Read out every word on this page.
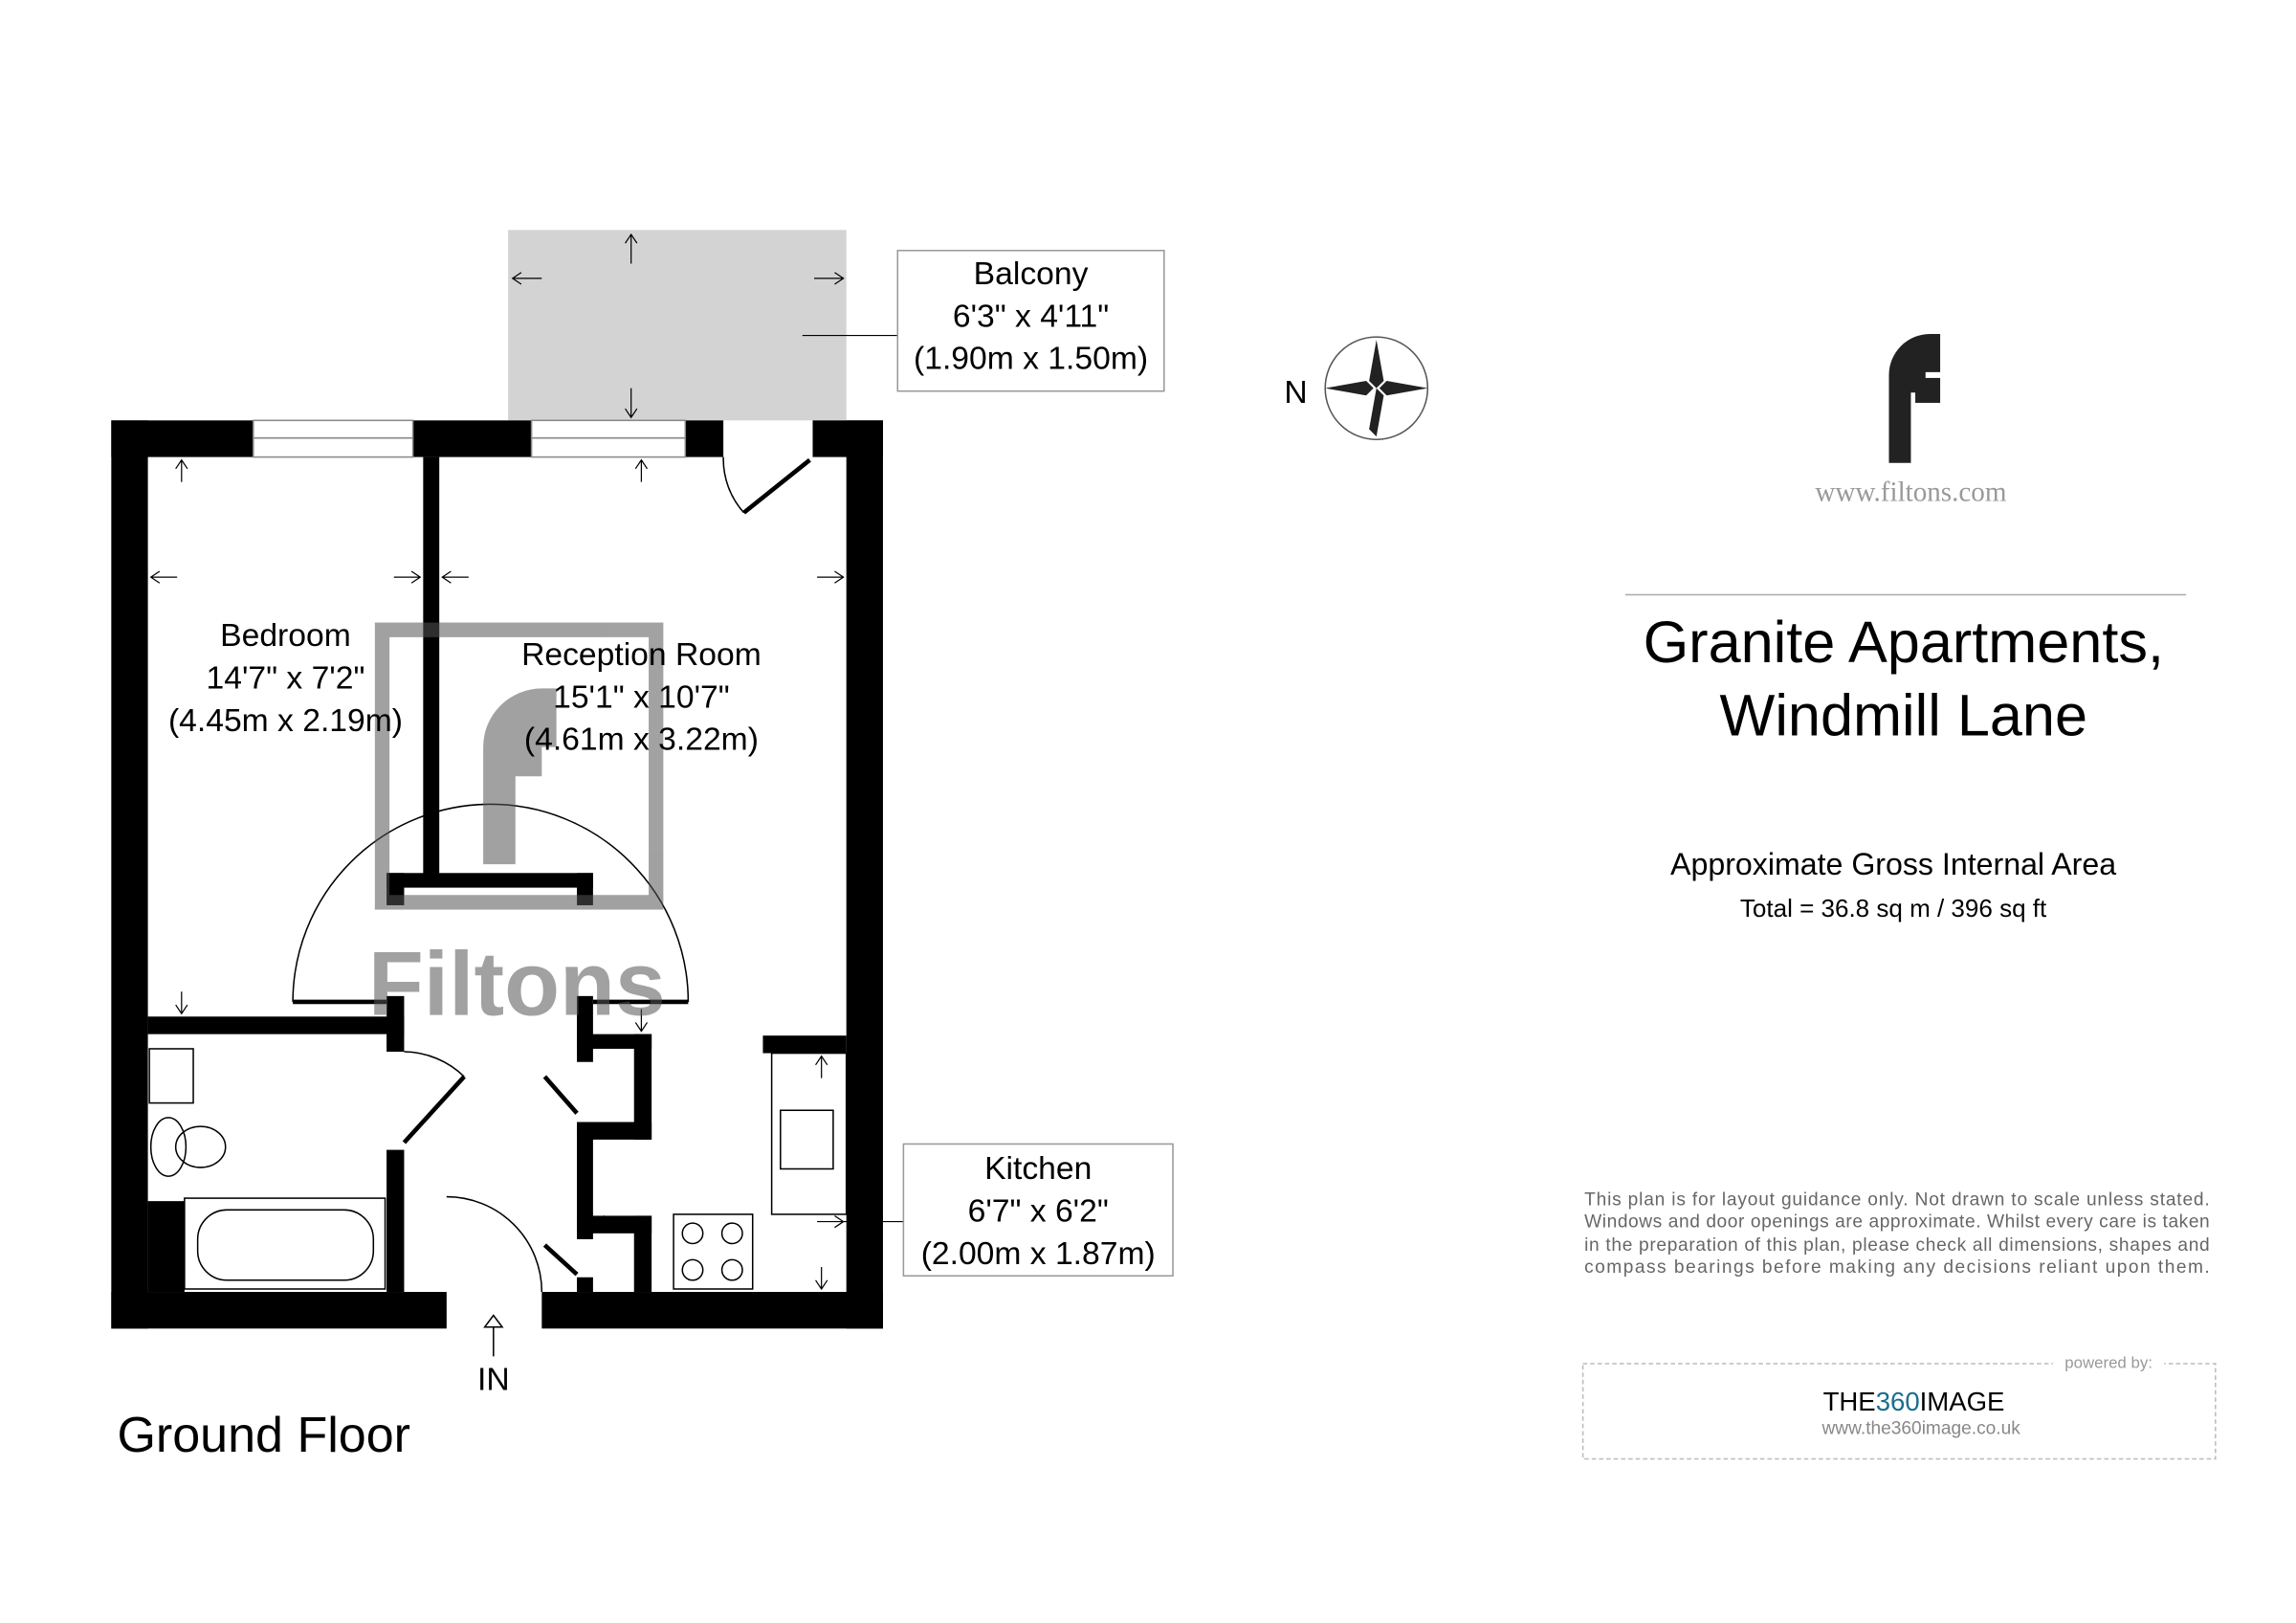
Filtons
Bedroom
14'7" x 7'2"
(4.45m x 2.19m)
Reception Room
15'1" x 10'7"
(4.61m x 3.22m)
Balcony
6'3" x 4'11"
(1.90m x 1.50m)
Kitchen
6'7" x 6'2"
(2.00m x 1.87m)
IN
Ground Floor
N
www.filtons.com
Granite Apartments,
Windmill Lane
Approximate Gross Internal Area
Total = 36.8 sq m / 396 sq ft
This plan is for layout guidance only. Not drawn to scale unless stated.
Windows and door openings are approximate. Whilst every care is taken
in the preparation of this plan, please check all dimensions, shapes and
compass bearings before making any decisions reliant upon them.
powered by:
THE360IMAGE
www.the360image.co.uk
